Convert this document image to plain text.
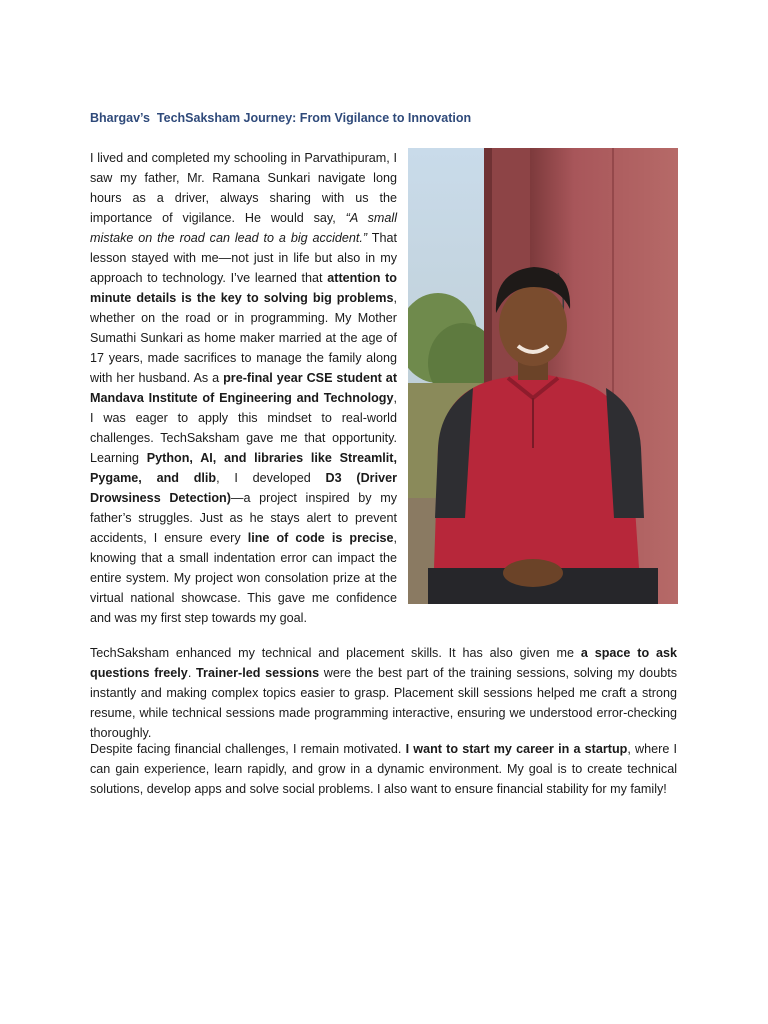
Bhargav’s  TechSaksham Journey: From Vigilance to Innovation

I lived and completed my schooling in Parvathipuram, I saw my father, Mr. Ramana Sunkari navigate long hours as a driver, always sharing with us the importance of vigilance. He would say, “A small mistake on the road can lead to a big accident.” That lesson stayed with me—not just in life but also in my approach to technology. I’ve learned that attention to minute details is the key to solving big problems, whether on the road or in programming. My Mother Sumathi Sunkari as home maker married at the age of 17 years, made sacrifices to manage the family along with her husband. As a pre-final year CSE student at Mandava Institute of Engineering and Technology, I was eager to apply this mindset to real-world challenges. TechSaksham gave me that opportunity. Learning Python, AI, and libraries like Streamlit, Pygame, and dlib, I developed D3 (Driver Drowsiness Detection)—a project inspired by my father’s struggles. Just as he stays alert to prevent accidents, I ensure every line of code is precise, knowing that a small indentation error can impact the entire system. My project won consolation prize at the virtual national showcase. This gave me confidence and was my first step towards my goal.

TechSaksham enhanced my technical and placement skills. It has also given me a space to ask questions freely. Trainer-led sessions were the best part of the training sessions, solving my doubts instantly and making complex topics easier to grasp. Placement skill sessions helped me craft a strong resume, while technical sessions made programming interactive, ensuring we understood error-checking thoroughly.

Despite facing financial challenges, I remain motivated. I want to start my career in a startup, where I can gain experience, learn rapidly, and grow in a dynamic environment. My goal is to create technical solutions, develop apps and solve social problems. I also want to ensure financial stability for my family!
